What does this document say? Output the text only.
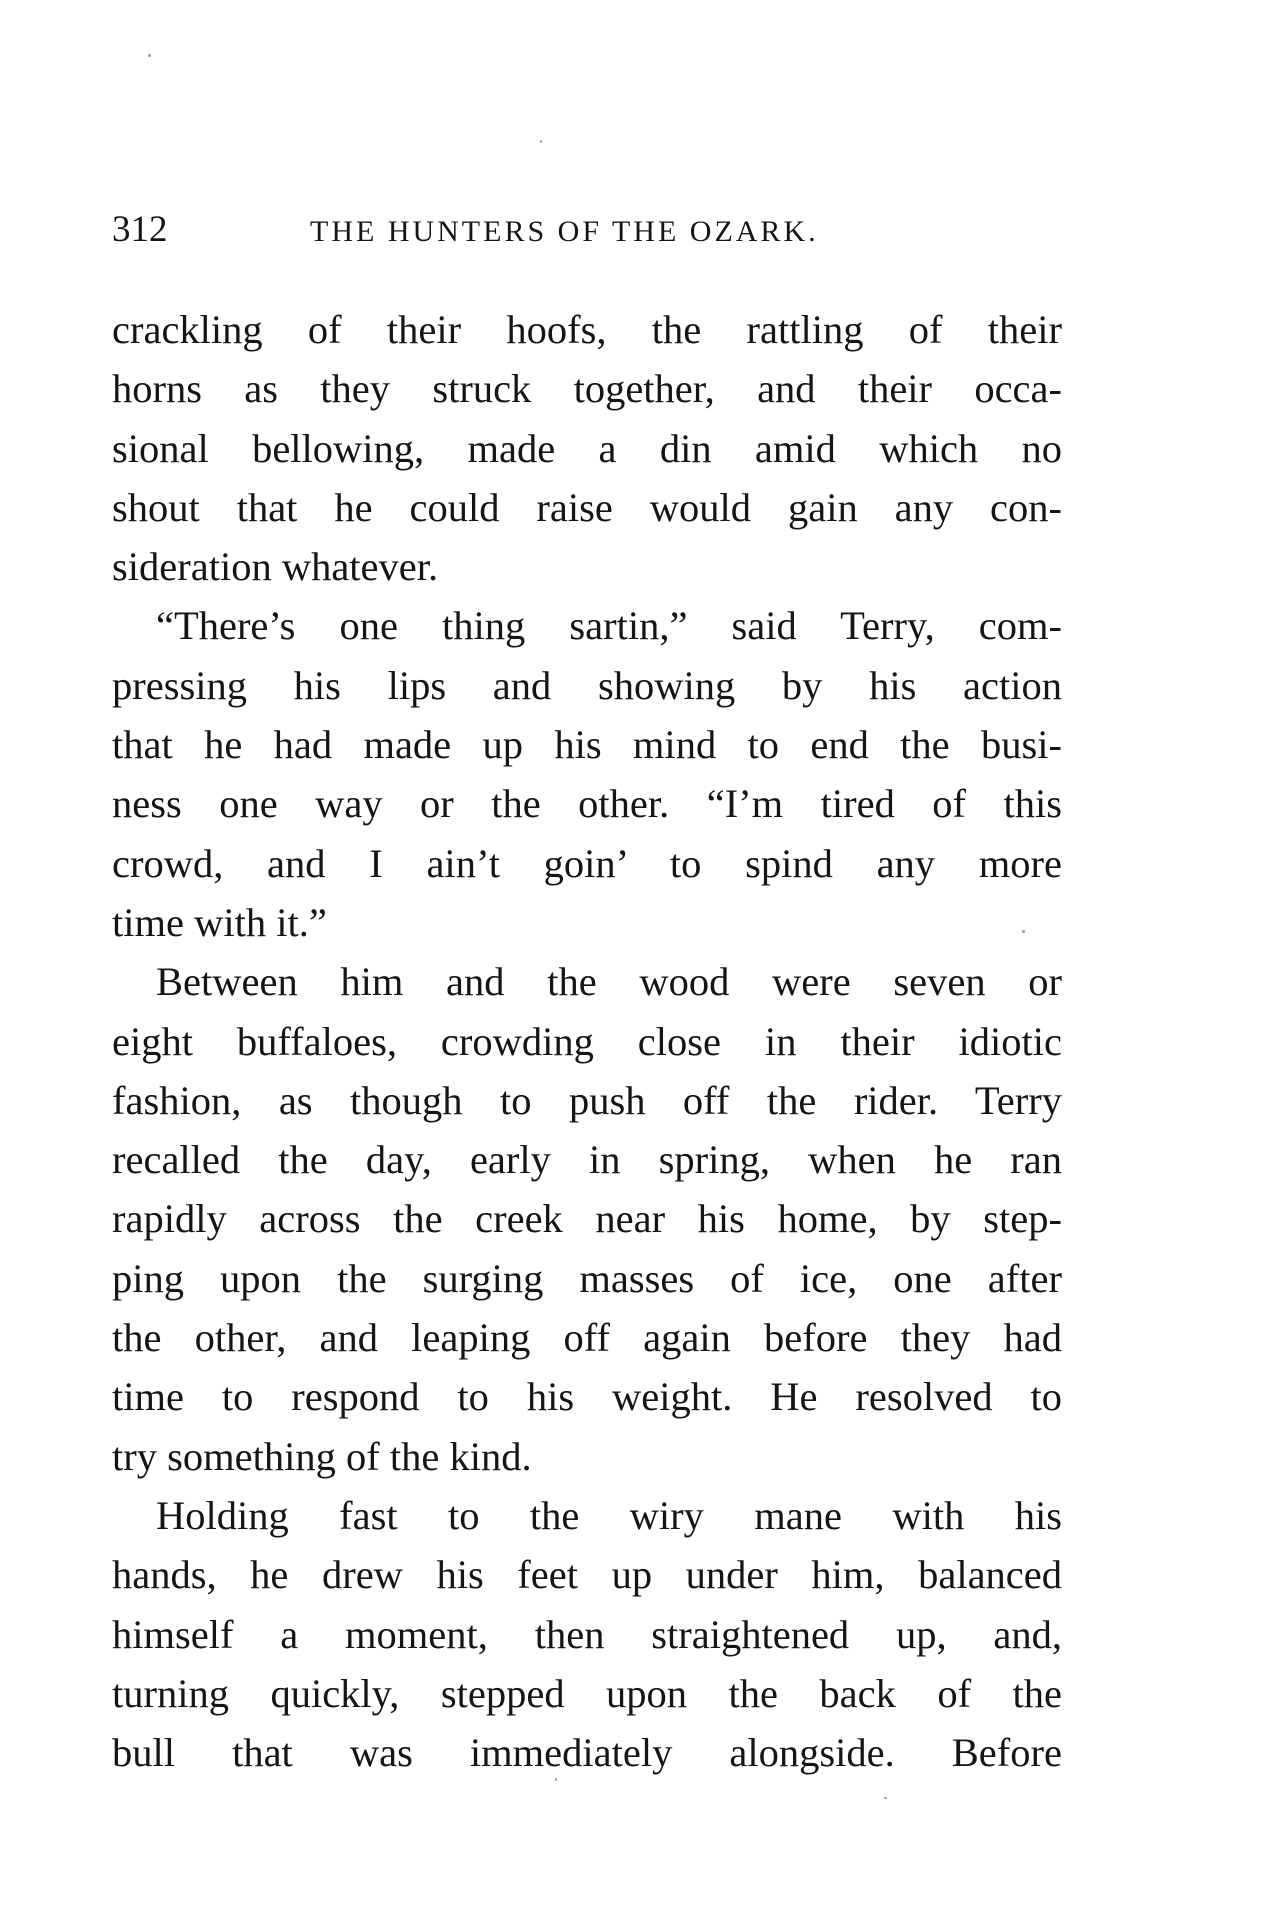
312	THE HUNTERS OF THE OZARK.
crackling of their hoofs, the rattling of their
horns as they struck together, and their occa-
sional bellowing, made a din amid which no
shout that he could raise would gain any con-
sideration whatever.
“There’s one thing sartin,” said Terry, com-
pressing his lips and showing by his action
that he had made up his mind to end the busi-
ness one way or the other. “I’m tired of this
crowd, and I ain’t goin’ to spind any more
time with it.”
Between him and the wood were seven or
eight buffaloes, crowding close in their idiotic
fashion, as though to push off the rider. Terry
recalled the day, early in spring, when he ran
rapidly across the creek near his home, by step-
ping upon the surging masses of ice, one after
the other, and leaping off again before they had
time to respond to his weight. He resolved to
try something of the kind.
Holding fast to the wiry mane with his
hands, he drew his feet up under him, balanced
himself a moment, then straightened up, and,
turning quickly, stepped upon the back of the
bull that was immediately alongside. Before
